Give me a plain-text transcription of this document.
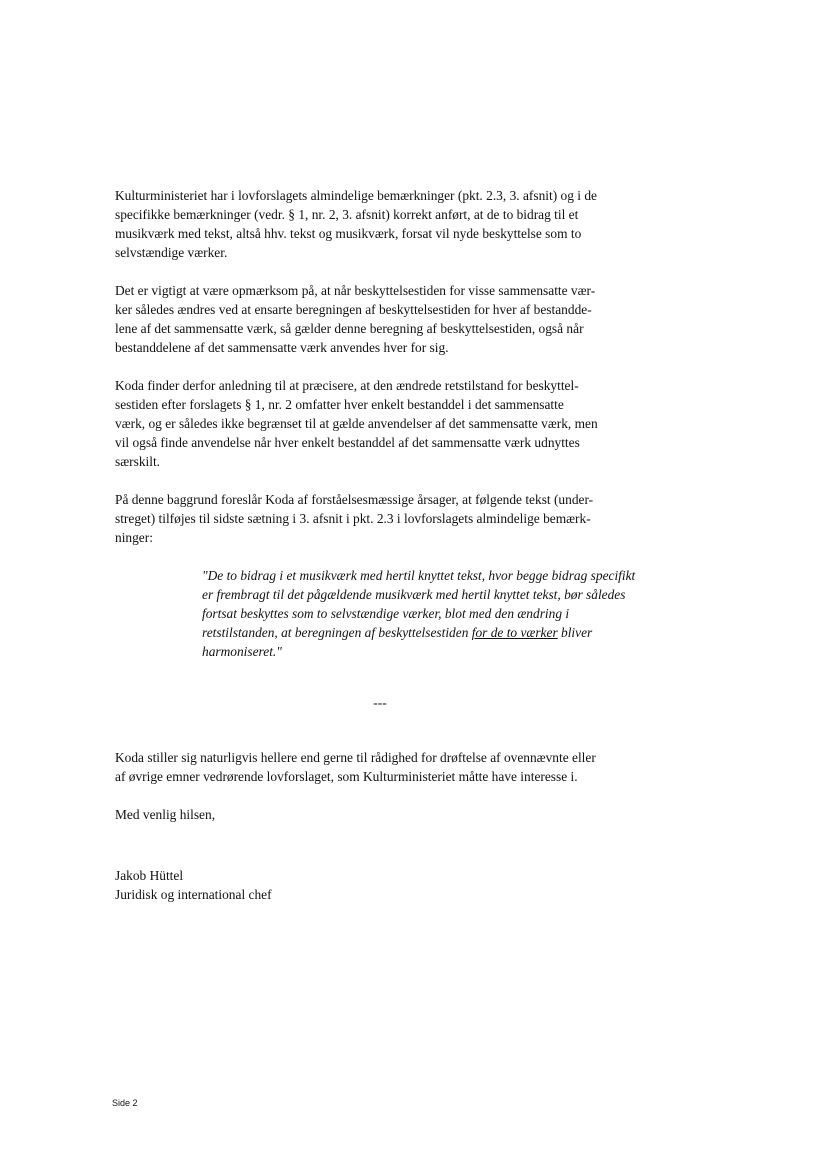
Kulturministeriet har i lovforslagets almindelige bemærkninger (pkt. 2.3, 3. afsnit) og i de
specifikke bemærkninger (vedr. § 1, nr. 2, 3. afsnit) korrekt anført, at de to bidrag til et
musikværk med tekst, altså hhv. tekst og musikværk, forsat vil nyde beskyttelse som to
selvstændige værker.

Det er vigtigt at være opmærksom på, at når beskyttelsestiden for visse sammensatte vær-
ker således ændres ved at ensarte beregningen af beskyttelsestiden for hver af bestandde-
lene af det sammensatte værk, så gælder denne beregning af beskyttelsestiden, også når
bestanddelene af det sammensatte værk anvendes hver for sig.

Koda finder derfor anledning til at præcisere, at den ændrede retstilstand for beskyttel-
sestiden efter forslagets § 1, nr. 2 omfatter hver enkelt bestanddel i det sammensatte
værk, og er således ikke begrænset til at gælde anvendelser af det sammensatte værk, men
vil også finde anvendelse når hver enkelt bestanddel af det sammensatte værk udnyttes
særskilt.

På denne baggrund foreslår Koda af forståelsesmæssige årsager, at følgende tekst (under-
streget) tilføjes til sidste sætning i 3. afsnit i pkt. 2.3 i lovforslagets almindelige bemærk-
ninger:

"De to bidrag i et musikværk med hertil knyttet tekst, hvor begge bidrag specifikt er frembragt til det pågældende musikværk med hertil knyttet tekst, bør således fortsat beskyttes som to selvstændige værker, blot med den ændring i retstilstanden, at beregningen af beskyttelsestiden for de to værker bliver harmoniseret."

---

Koda stiller sig naturligvis hellere end gerne til rådighed for drøftelse af ovennævnte eller
af øvrige emner vedrørende lovforslaget, som Kulturministeriet måtte have interesse i.

Med venlig hilsen,

Jakob Hüttel
Juridisk og international chef
Side 2
